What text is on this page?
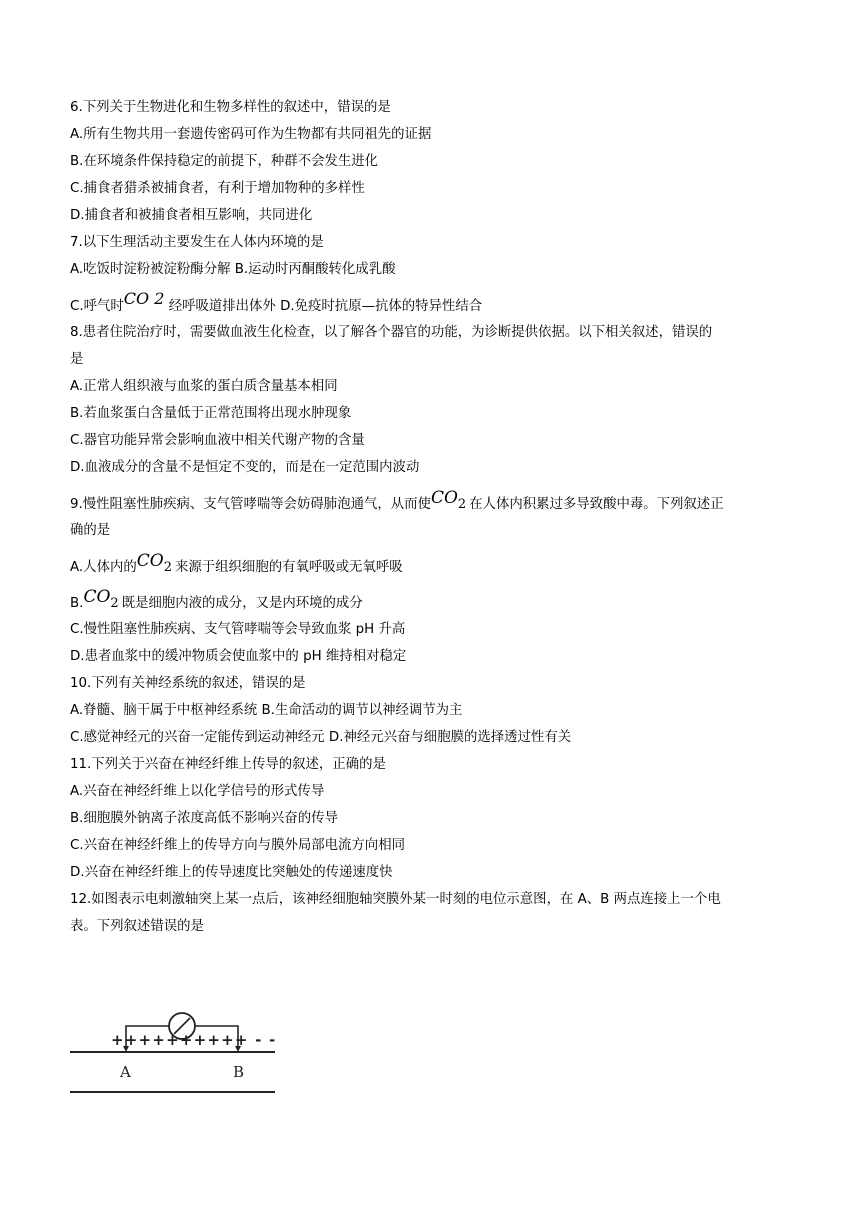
6.下列关于生物进化和生物多样性的叙述中，错误的是
A.所有生物共用一套遗传密码可作为生物都有共同祖先的证据
B.在环境条件保持稳定的前提下，种群不会发生进化
C.捕食者猎杀被捕食者，有利于增加物种的多样性
D.捕食者和被捕食者相互影响，共同进化
7.以下生理活动主要发生在人体内环境的是
A.吃饭时淀粉被淀粉酶分解 B.运动时丙酮酸转化成乳酸
C.呼气时CO 2 经呼吸道排出体外 D.免疫时抗原—抗体的特异性结合
8.患者住院治疗时，需要做血液生化检查，以了解各个器官的功能，为诊断提供依据。以下相关叙述，错误的
是
A.正常人组织液与血浆的蛋白质含量基本相同
B.若血浆蛋白含量低于正常范围将出现水肿现象
C.器官功能异常会影响血液中相关代谢产物的含量
D.血液成分的含量不是恒定不变的，而是在一定范围内波动
9.慢性阻塞性肺疾病、支气管哮喘等会妨碍肺泡通气，从而使$CO_2$ 在人体内积累过多导致酸中毒。下列叙述正
确的是
A.人体内的$CO_2$ 来源于组织细胞的有氧呼吸或无氧呼吸
$B.CO_2$ 既是细胞内液的成分，又是内环境的成分
C.慢性阻塞性肺疾病、支气管哮喘等会导致血浆 pH 升高
D.患者血浆中的缓冲物质会使血浆中的 pH 维持相对稳定
10.下列有关神经系统的叙述，错误的是
A.脊髓、脑干属于中枢神经系统 B.生命活动的调节以神经调节为主
C.感觉神经元的兴奋一定能传到运动神经元 D.神经元兴奋与细胞膜的选择透过性有关
11.下列关于兴奋在神经纤维上传导的叙述，正确的是
A.兴奋在神经纤维上以化学信号的形式传导
B.细胞膜外钠离子浓度高低不影响兴奋的传导
C.兴奋在神经纤维上的传导方向与膜外局部电流方向相同
D.兴奋在神经纤维上的传导速度比突触处的传递速度快
12.如图表示电刺激轴突上某一点后，该神经细胞轴突膜外某一时刻的电位示意图，在 A、B 两点连接上一个电
表。下列叙述错误的是
++++++++++ - -
A	B
